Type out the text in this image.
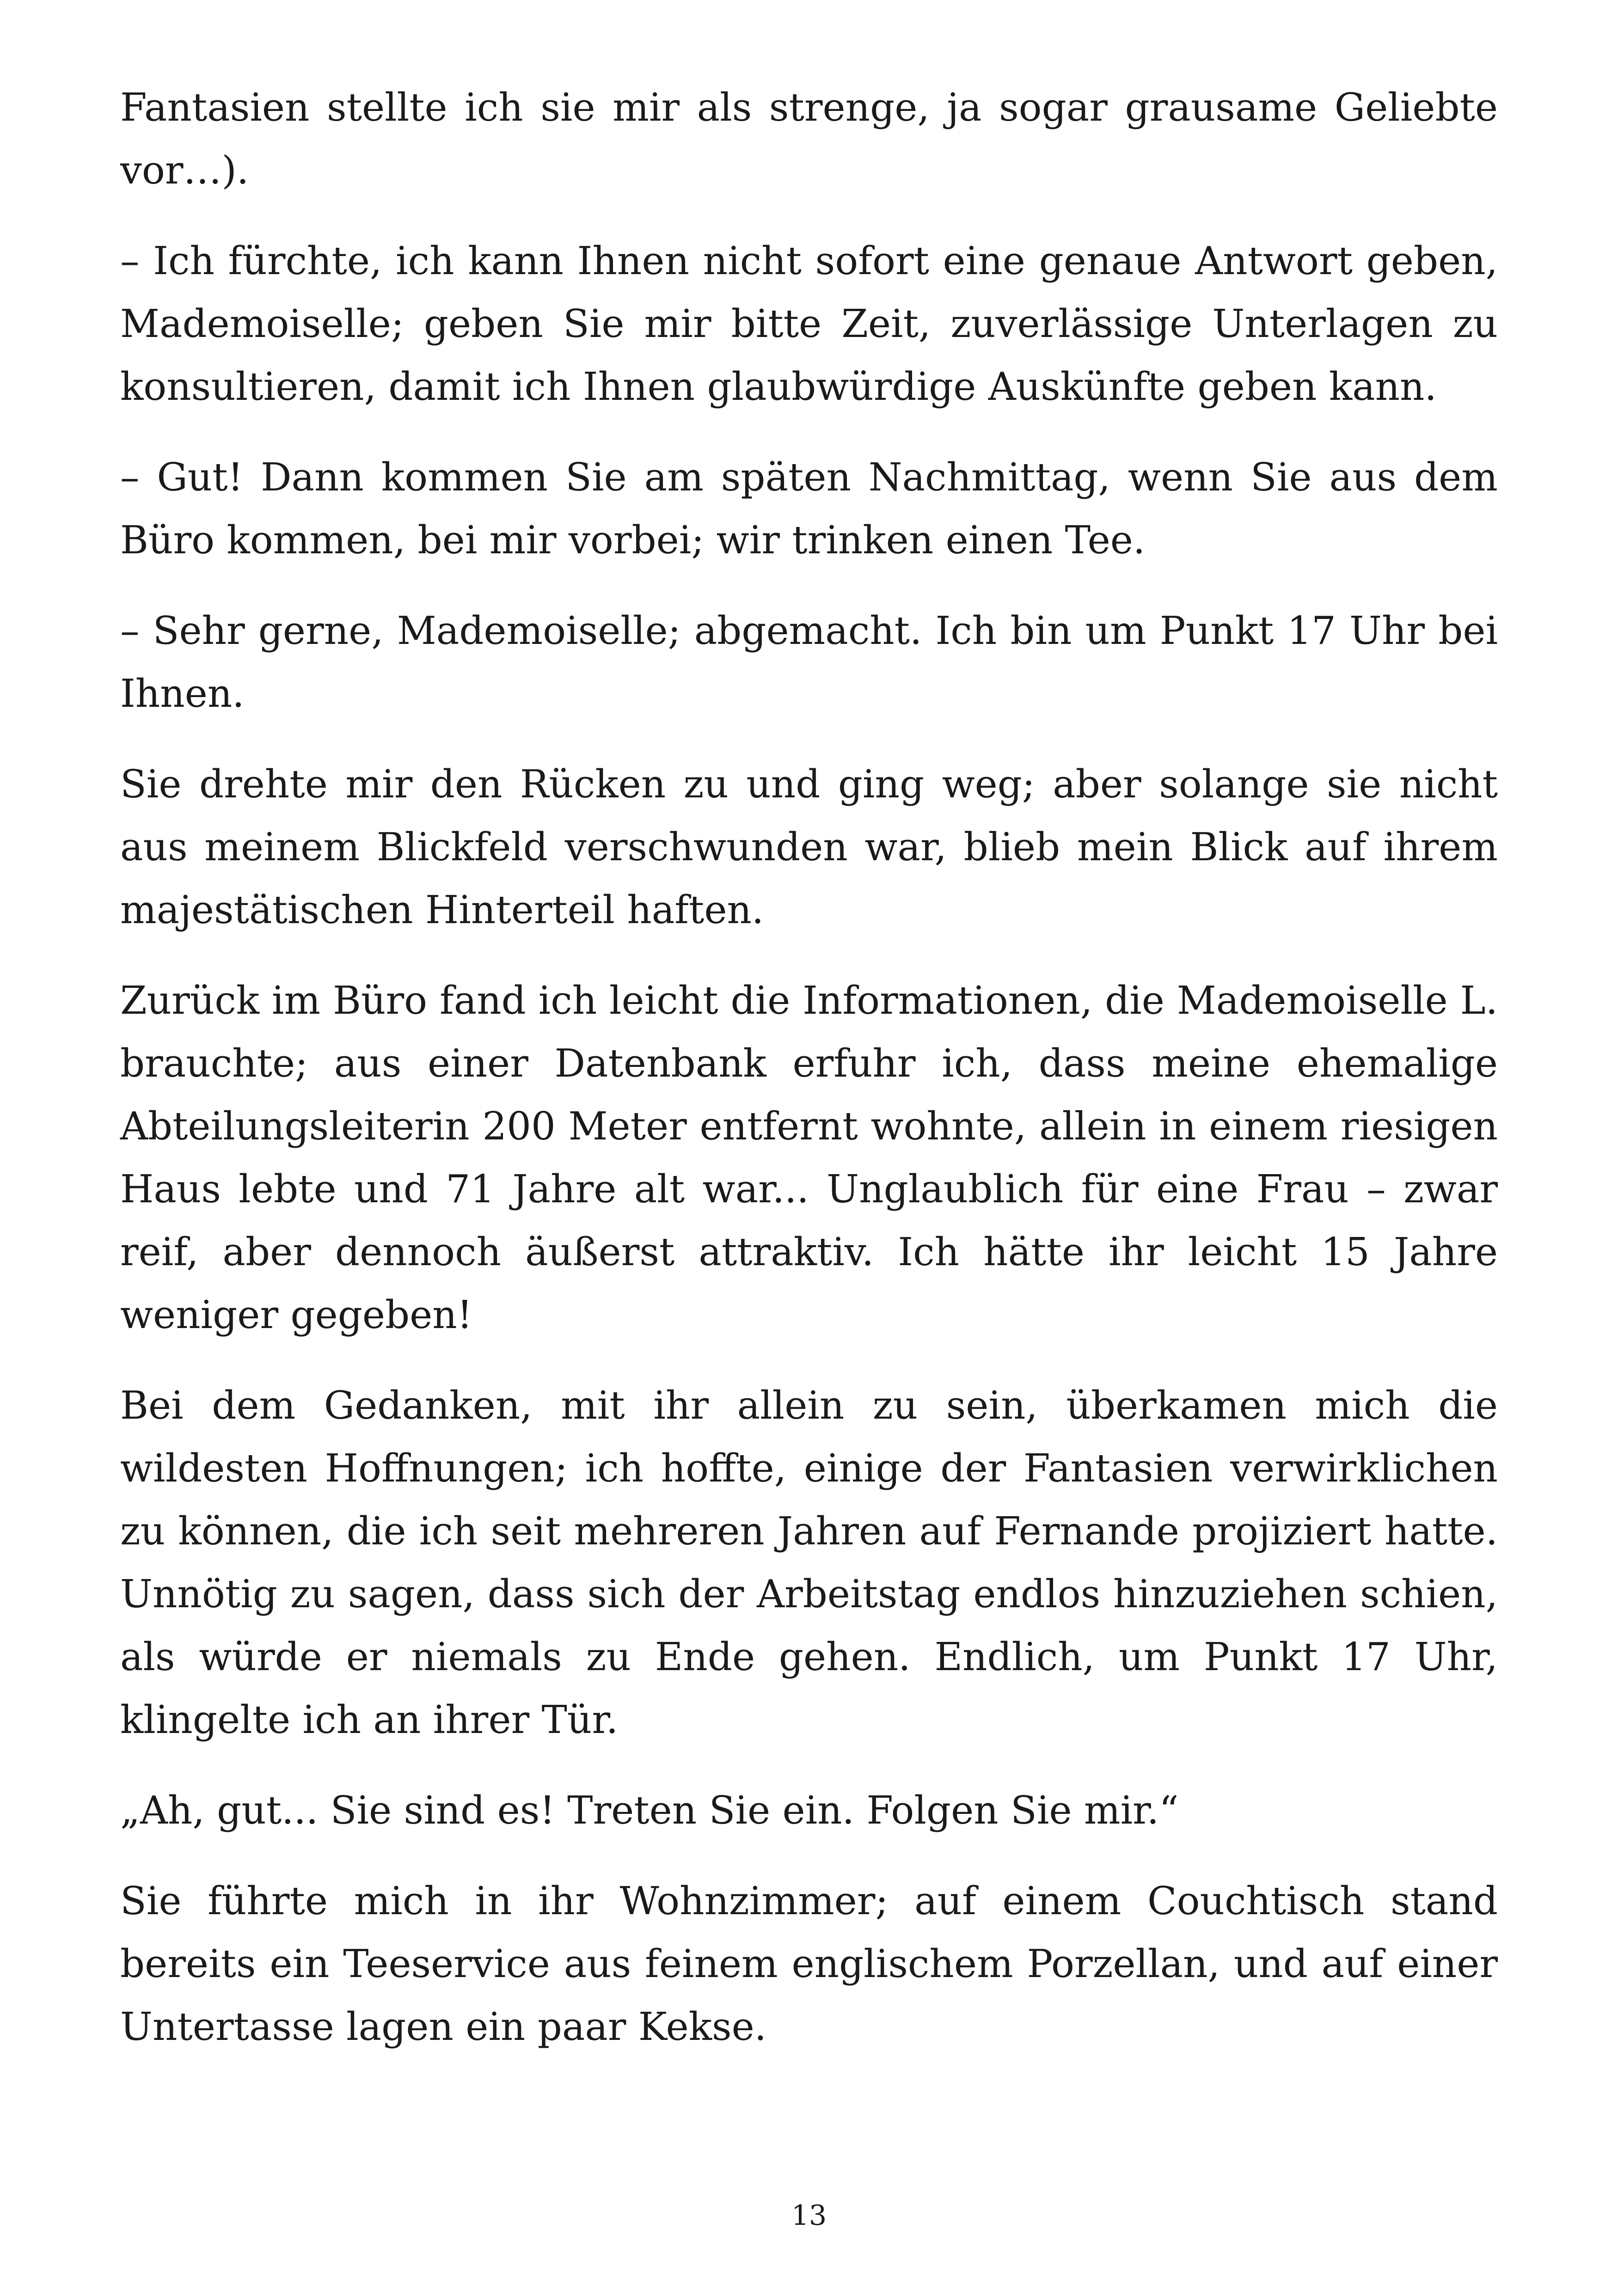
Fantasien stellte ich sie mir als strenge, ja sogar grausame Geliebte vor…).

– Ich fürchte, ich kann Ihnen nicht sofort eine genaue Antwort geben, Mademoiselle; geben Sie mir bitte Zeit, zuverlässige Unterlagen zu konsultieren, damit ich Ihnen glaubwürdige Auskünfte geben kann.

– Gut! Dann kommen Sie am späten Nachmittag, wenn Sie aus dem Büro kommen, bei mir vorbei; wir trinken einen Tee.

– Sehr gerne, Mademoiselle; abgemacht. Ich bin um Punkt 17 Uhr bei Ihnen.

Sie drehte mir den Rücken zu und ging weg; aber solange sie nicht aus meinem Blickfeld verschwunden war, blieb mein Blick auf ihrem majestätischen Hinterteil haften.

Zurück im Büro fand ich leicht die Informationen, die Mademoiselle L. brauchte; aus einer Datenbank erfuhr ich, dass meine ehemalige Abteilungsleiterin 200 Meter entfernt wohnte, allein in einem riesigen Haus lebte und 71 Jahre alt war... Unglaublich für eine Frau – zwar reif, aber dennoch äußerst attraktiv. Ich hätte ihr leicht 15 Jahre weniger gegeben!

Bei dem Gedanken, mit ihr allein zu sein, überkamen mich die wildesten Hoffnungen; ich hoffte, einige der Fantasien verwirklichen zu können, die ich seit mehreren Jahren auf Fernande projiziert hatte. Unnötig zu sagen, dass sich der Arbeitstag endlos hinzuziehen schien, als würde er niemals zu Ende gehen. Endlich, um Punkt 17 Uhr, klingelte ich an ihrer Tür.

„Ah, gut... Sie sind es! Treten Sie ein. Folgen Sie mir.“

Sie führte mich in ihr Wohnzimmer; auf einem Couchtisch stand bereits ein Teeservice aus feinem englischem Porzellan, und auf einer Untertasse lagen ein paar Kekse.

13
